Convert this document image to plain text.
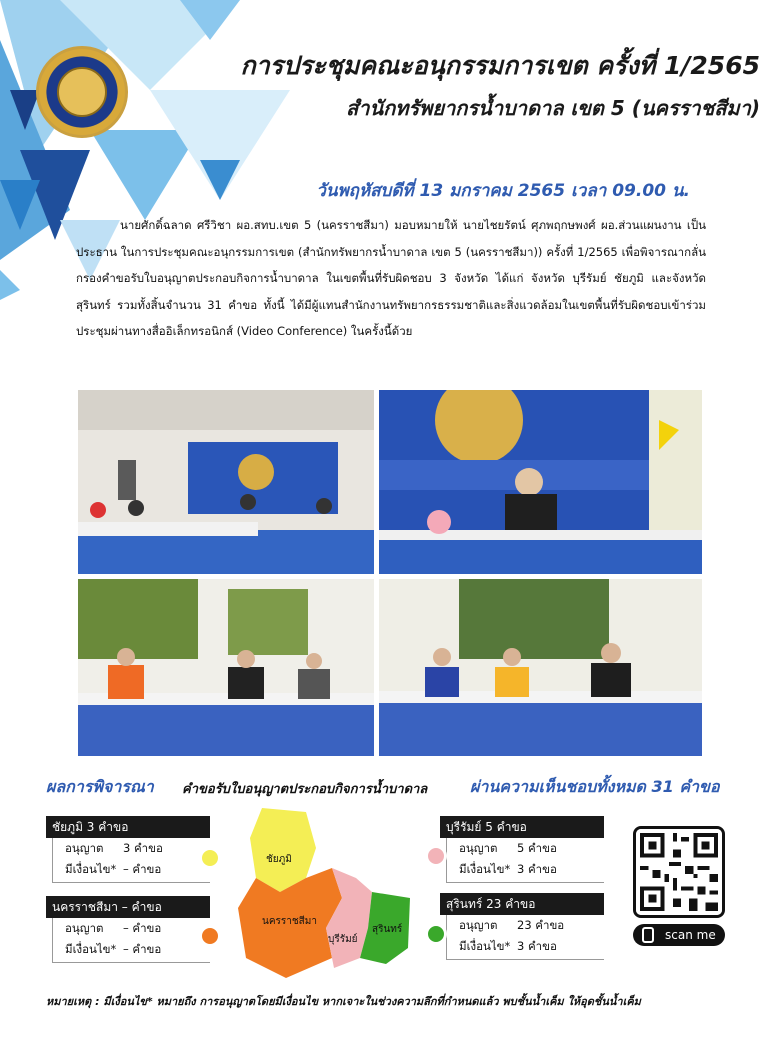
การประชุมคณะอนุกรรมการเขต ครั้งที่ 1/2565
สำนักทรัพยากรน้ำบาดาล เขต 5 (นครราชสีมา)
วันพฤหัสบดีที่ 13 มกราคม 2565 เวลา 09.00 น.
นายศักดิ์ฉลาด ศรีวิชา ผอ.สทบ.เขต 5 (นครราชสีมา) มอบหมายให้ นายไชยรัตน์ ศุภพฤกษพงศ์ ผอ.ส่วนแผนงาน เป็นประธาน ในการประชุมคณะอนุกรรมการเขต (สำนักทรัพยากรน้ำบาดาล เขต 5 (นครราชสีมา)) ครั้งที่ 1/2565 เพื่อพิจารณากลั่นกรองคำขอรับใบอนุญาตประกอบกิจการน้ำบาดาล ในเขตพื้นที่รับผิดชอบ 3 จังหวัด ได้แก่ จังหวัด บุรีรัมย์ ชัยภูมิ และจังหวัดสุรินทร์ รวมทั้งสิ้นจำนวน 31 คำขอ ทั้งนี้ ได้มีผู้แทนสำนักงานทรัพยากรธรรมชาติและสิ่งแวดล้อมในเขตพื้นที่รับผิดชอบเข้าร่วมประชุมผ่านทางสื่ออิเล็กทรอนิกส์ (Video Conference) ในครั้งนี้ด้วย
ผลการพิจารณา คำขอรับใบอนุญาตประกอบกิจการน้ำบาดาล	ผ่านความเห็นชอบทั้งหมด 31 คำขอ
ชัยภูมิ 3 คำขอ
อนุญาต 3 คำขอ
มีเงื่อนไข* – คำขอ
นครราชสีมา – คำขอ
อนุญาต – คำขอ
มีเงื่อนไข* – คำขอ
บุรีรัมย์ 5 คำขอ
อนุญาต 5 คำขอ
มีเงื่อนไข* 3 คำขอ
สุรินทร์ 23 คำขอ
อนุญาต 23 คำขอ
มีเงื่อนไข* 3 คำขอ
ชัยภูมิ
นครราชสีมา
บุรีรัมย์
สุรินทร์	scan me
หมายเหตุ : มีเงื่อนไข* หมายถึง การอนุญาตโดยมีเงื่อนไข หากเจาะในช่วงความลึกที่กำหนดแล้ว พบชั้นน้ำเค็ม ให้อุดชั้นน้ำเค็ม
